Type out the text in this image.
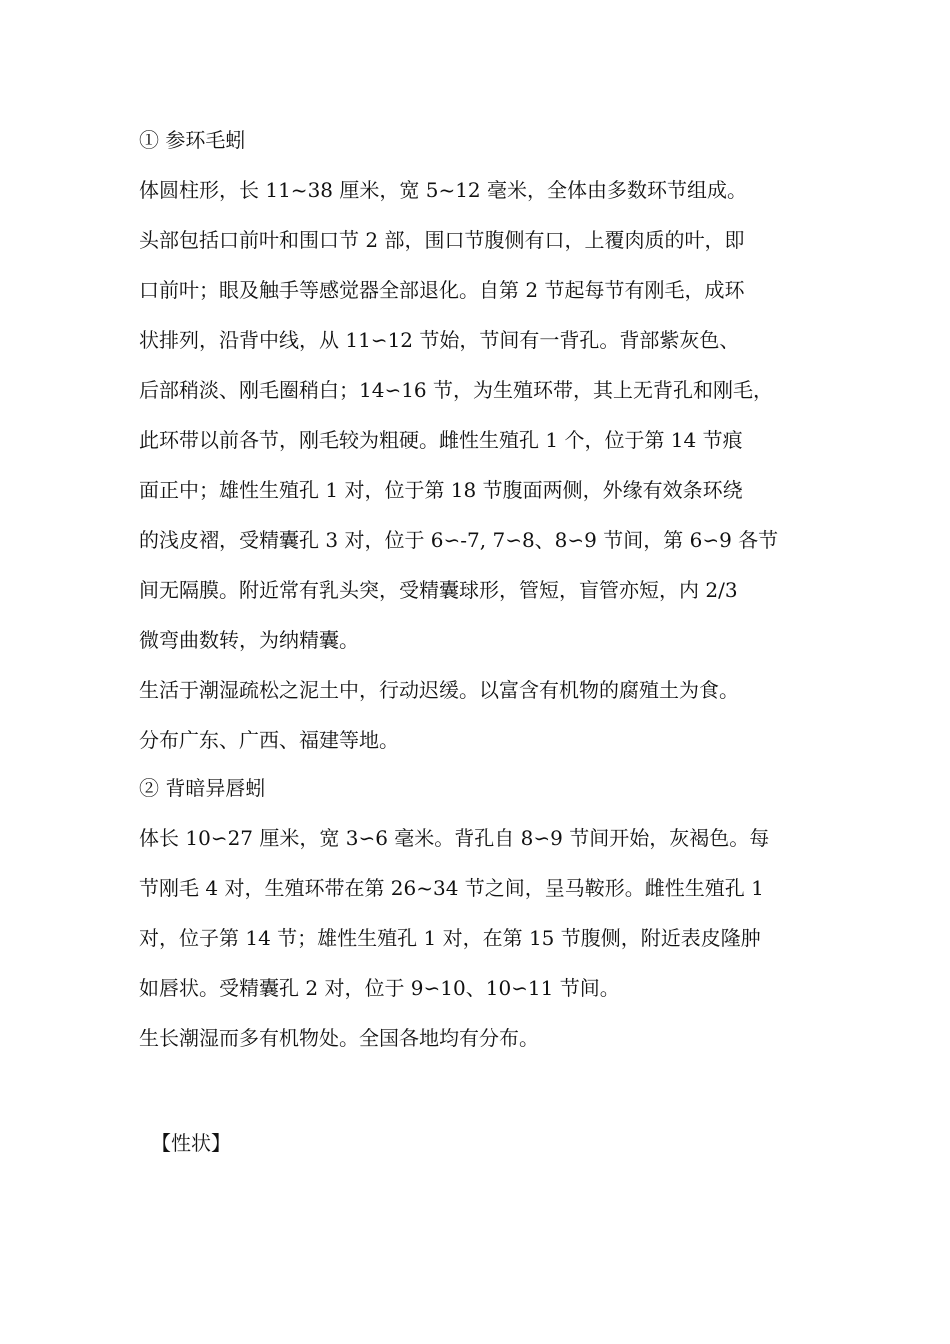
① 参环毛蚓
体圆柱形，长 11~38 厘米，宽 5~12 毫米，全体由多数环节组成。
头部包括口前叶和围口节 2 部，围口节腹侧有口，上覆肉质的叶，即
口前叶；眼及触手等感觉器全部退化。自第 2 节起每节有刚毛，成环
状排列，沿背中线，从 11∽12 节始，节间有一背孔。背部紫灰色、
后部稍淡、刚毛圈稍白；14∽16 节，为生殖环带，其上无背孔和刚毛，
此环带以前各节，刚毛较为粗硬。雌性生殖孔 1 个，位于第 14 节痕
面正中；雄性生殖孔 1 对，位于第 18 节腹面两侧，外缘有效条环绕
的浅皮褶，受精囊孔 3 对，位于 6∽-7, 7∽8、8∽9 节间，第 6∽9 各节
间无隔膜。附近常有乳头突，受精囊球形，管短，盲管亦短，内 2/3
微弯曲数转，为纳精囊。
生活于潮湿疏松之泥土中，行动迟缓。以富含有机物的腐殖土为食。
分布广东、广西、福建等地。
② 背暗异唇蚓
体长 10∽27 厘米，宽 3∽6 毫米。背孔自 8∽9 节间开始，灰褐色。每
节刚毛 4 对，生殖环带在第 26~34 节之间，呈马鞍形。雌性生殖孔 1
对，位子第 14 节；雄性生殖孔 1 对，在第 15 节腹侧，附近表皮隆肿
如唇状。受精囊孔 2 对，位于 9∽10、10∽11 节间。
生长潮湿而多有机物处。全国各地均有分布。
【性状】
